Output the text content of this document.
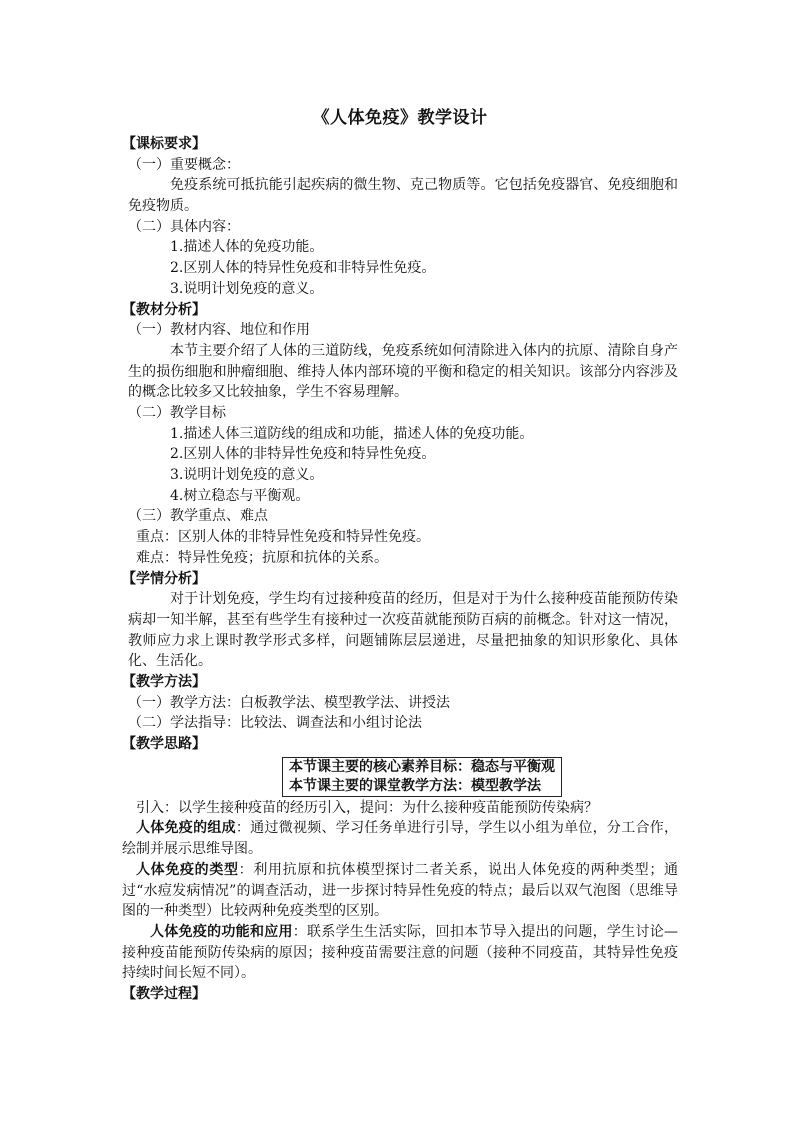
《人体免疫》教学设计
【课标要求】
（一）重要概念：
免疫系统可抵抗能引起疾病的微生物、克己物质等。它包括免疫器官、免疫细胞和免疫物质。
（二）具体内容：
1.描述人体的免疫功能。
2.区别人体的特异性免疫和非特异性免疫。
3.说明计划免疫的意义。
【教材分析】
（一）教材内容、地位和作用
本节主要介绍了人体的三道防线，免疫系统如何清除进入体内的抗原、清除自身产生的损伤细胞和肿瘤细胞、维持人体内部环境的平衡和稳定的相关知识。该部分内容涉及的概念比较多又比较抽象，学生不容易理解。
（二）教学目标
1.描述人体三道防线的组成和功能，描述人体的免疫功能。
2.区别人体的非特异性免疫和特异性免疫。
3.说明计划免疫的意义。
4.树立稳态与平衡观。
（三）教学重点、难点
重点：区别人体的非特异性免疫和特异性免疫。
难点：特异性免疫；抗原和抗体的关系。
【学情分析】
对于计划免疫，学生均有过接种疫苗的经历，但是对于为什么接种疫苗能预防传染病却一知半解，甚至有些学生有接种过一次疫苗就能预防百病的前概念。针对这一情况，教师应力求上课时教学形式多样，问题铺陈层层递进，尽量把抽象的知识形象化、具体化、生活化。
【教学方法】
（一）教学方法：白板教学法、模型教学法、讲授法
（二）学法指导：比较法、调查法和小组讨论法
【教学思路】
本节课主要的核心素养目标：稳态与平衡观
本节课主要的课堂教学方法：模型教学法
引入：以学生接种疫苗的经历引入，提问：为什么接种疫苗能预防传染病？
人体免疫的组成：通过微视频、学习任务单进行引导，学生以小组为单位，分工合作，绘制并展示思维导图。
人体免疫的类型：利用抗原和抗体模型探讨二者关系，说出人体免疫的两种类型；通过“水痘发病情况”的调查活动，进一步探讨特异性免疫的特点；最后以双气泡图（思维导图的一种类型）比较两种免疫类型的区别。
人体免疫的功能和应用：联系学生生活实际，回扣本节导入提出的问题，学生讨论—接种疫苗能预防传染病的原因；接种疫苗需要注意的问题（接种不同疫苗，其特异性免疫持续时间长短不同）。
【教学过程】
